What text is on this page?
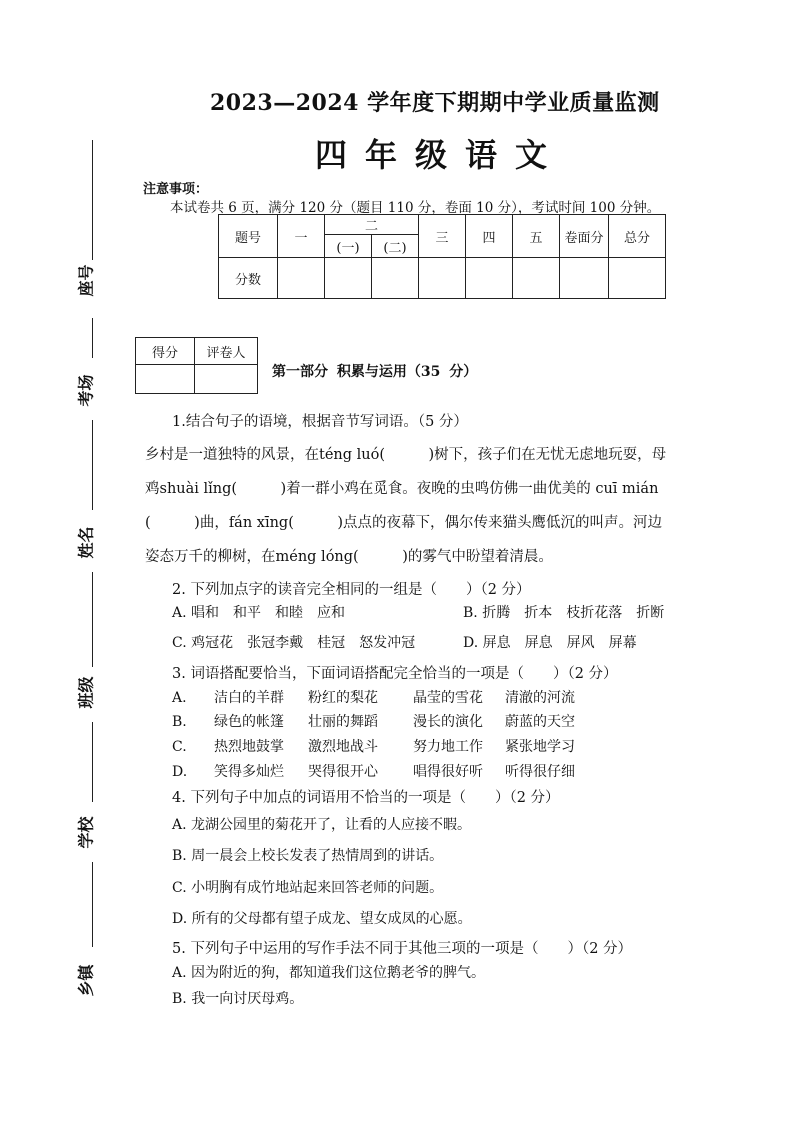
座号
考场
姓名
班级
学校
乡镇
2023—2024 学年度下期期中学业质量监测
四年级语文
注意事项：
本试卷共 6 页，满分 120 分（题目 110 分，卷面 10 分），考试时间 100 分钟。
题号	一	二		三	四	五	卷面分	总分
		(一)	(二)					
分数								
得分	评卷人

第一部分 积累与运用（35 分）
1.结合句子的语境，根据音节写词语。（5 分）
乡村是一道独特的风景，在téng luó(　　　)树下，孩子们在无忧无虑地玩耍，母
鸡shuài lǐng(　　　)着一群小鸡在觅食。夜晚的虫鸣仿佛一曲优美的 cuī mián
(　　　)曲，fán xīng(　　　)点点的夜幕下，偶尔传来猫头鹰低沉的叫声。河边
姿态万千的柳树，在méng lóng(　　　)的雾气中盼望着清晨。
2. 下列加点字的读音完全相同的一组是（　　）（2 分）
A. 唱和　和平　和睦　应和	B. 折腾　折本　枝折花落　折断
C. 鸡冠花　张冠李戴　桂冠　怒发冲冠	D. 屏息　屏息　屏风　屏幕
3. 词语搭配要恰当，下面词语搭配完全恰当的一项是（　　）（2 分）
A. 洁白的羊群 粉红的梨花	晶莹的雪花 清澈的河流
B. 绿色的帐篷 壮丽的舞蹈	漫长的演化 蔚蓝的天空
C. 热烈地鼓掌 激烈地战斗	努力地工作 紧张地学习
D. 笑得多灿烂 哭得很开心	唱得很好听 听得很仔细
4. 下列句子中加点的词语用不恰当的一项是（　　）（2 分）
A. 龙湖公园里的菊花开了，让看的人应接不暇。
B. 周一晨会上校长发表了热情周到的讲话。
C. 小明胸有成竹地站起来回答老师的问题。
D. 所有的父母都有望子成龙、望女成凤的心愿。
5. 下列句子中运用的写作手法不同于其他三项的一项是（　　）（2 分）
A. 因为附近的狗，都知道我们这位鹅老爷的脾气。
B. 我一向讨厌母鸡。
